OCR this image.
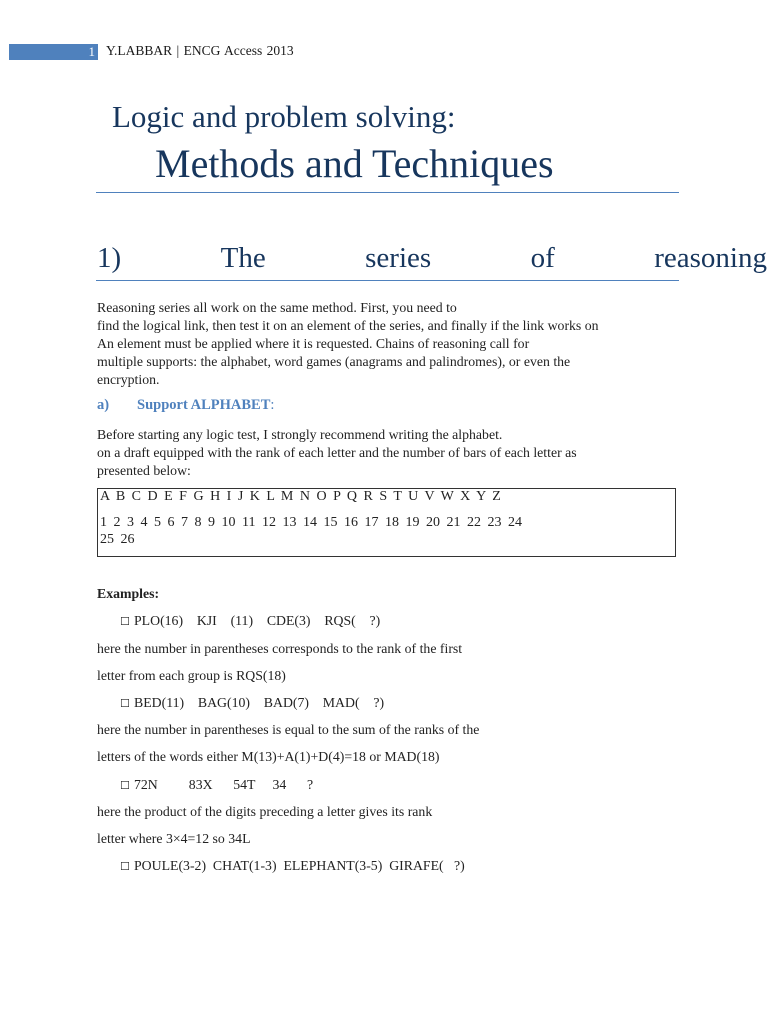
1 Y.LABBAR | ENCG Access 2013
Logic and problem solving:
Methods and Techniques
1)	The	series	of	reasoning
Reasoning series all work on the same method. First, you need to
find the logical link, then test it on an element of the series, and finally if the link works on
An element must be applied where it is requested. Chains of reasoning call for
multiple supports: the alphabet, word games (anagrams and palindromes), or even the
encryption.
a) Support ALPHABET:
Before starting any logic test, I strongly recommend writing the alphabet.
on a draft equipped with the rank of each letter and the number of bars of each letter as
presented below:
A B C D E F G H I J K L M N O P Q R S T U V W X Y Z
1 2 3 4 5 6 7 8 9 10 11 12 13 14 15 16 17 18 19 20 21 22 23 24
25 26
Examples:
☐ PLO(16)    KJI    (11)    CDE(3)    RQS(    ?)
here the number in parentheses corresponds to the rank of the first
letter from each group is RQS(18)
☐ BED(11)    BAG(10)    BAD(7)    MAD(    ?)
here the number in parentheses is equal to the sum of the ranks of the
letters of the words either M(13)+A(1)+D(4)=18 or MAD(18)
☐ 72N         83X      54T     34      ?
here the product of the digits preceding a letter gives its rank
letter where 3×4=12 so 34L
☐ POULE(3-2)  CHAT(1-3)  ELEPHANT(3-5)  GIRAFE(   ?)
